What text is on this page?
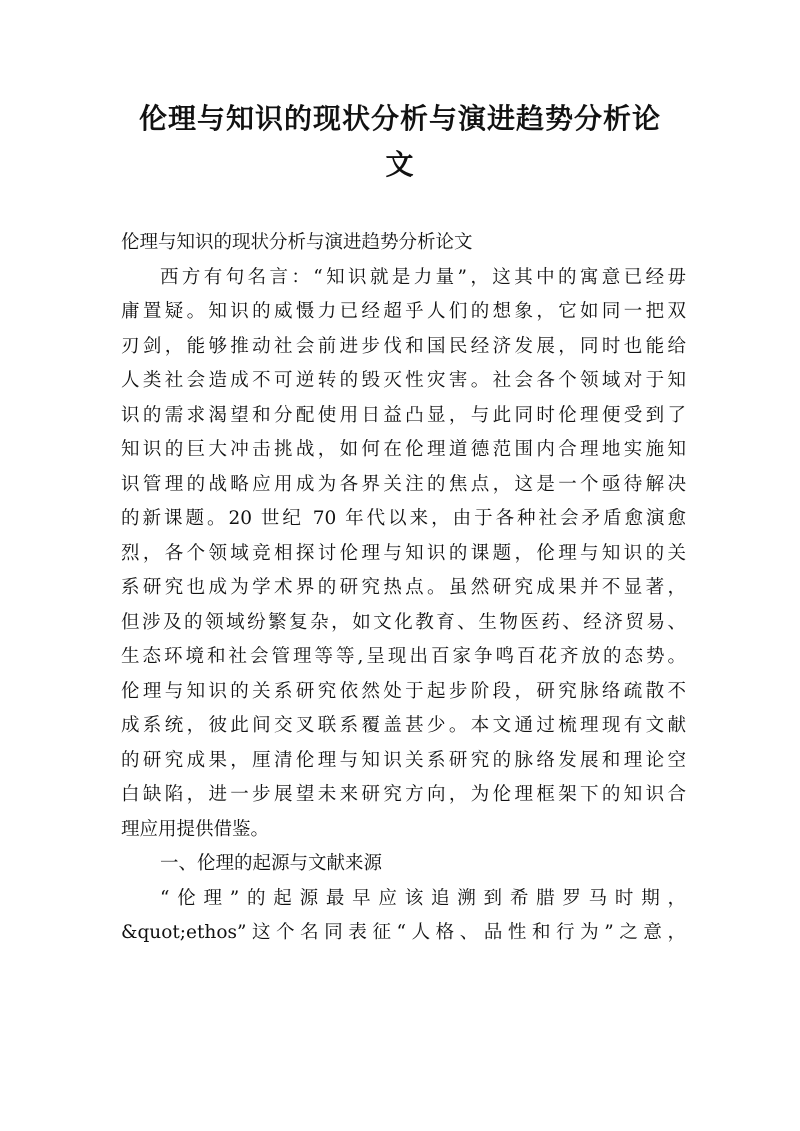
伦理与知识的现状分析与演进趋势分析论
文
伦理与知识的现状分析与演进趋势分析论文
西方有句名言：“知识就是力量”，这其中的寓意已经毋
庸置疑。知识的威慑力已经超乎人们的想象，它如同一把双
刃剑，能够推动社会前进步伐和国民经济发展，同时也能给
人类社会造成不可逆转的毁灭性灾害。社会各个领域对于知
识的需求渴望和分配使用日益凸显，与此同时伦理便受到了
知识的巨大冲击挑战，如何在伦理道德范围内合理地实施知
识管理的战略应用成为各界关注的焦点，这是一个亟待解决
的新课题。20 世纪 70 年代以来，由于各种社会矛盾愈演愈
烈，各个领域竞相探讨伦理与知识的课题，伦理与知识的关
系研究也成为学术界的研究热点。虽然研究成果并不显著，
但涉及的领域纷繁复杂，如文化教育、生物医药、经济贸易、
生态环境和社会管理等等,呈现出百家争鸣百花齐放的态势。
伦理与知识的关系研究依然处于起步阶段，研究脉络疏散不
成系统，彼此间交叉联系覆盖甚少。本文通过梳理现有文献
的研究成果，厘清伦理与知识关系研究的脉络发展和理论空
白缺陷，进一步展望未来研究方向，为伦理框架下的知识合
理应用提供借鉴。
一、伦理的起源与文献来源
“伦理”的起源最早应该追溯到希腊罗马时期，
&quot;ethos”这个名同表征“人格、品性和行为”之意，
